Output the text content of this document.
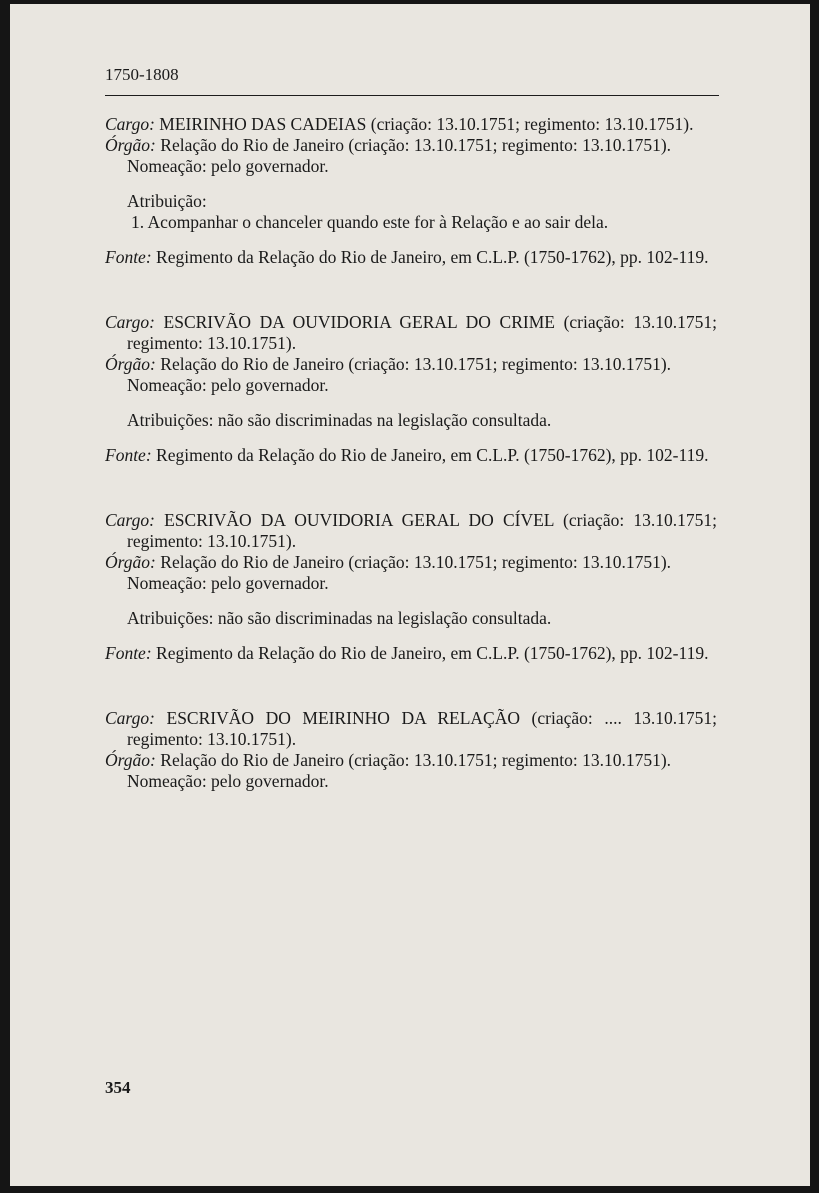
1750-1808
Cargo: MEIRINHO DAS CADEIAS (criação: 13.10.1751; regimento: 13.10.1751).
Órgão: Relação do Rio de Janeiro (criação: 13.10.1751; regimento: 13.10.1751).
Nomeação: pelo governador.
Atribuição:
1. Acompanhar o chanceler quando este for à Relação e ao sair dela.
Fonte: Regimento da Relação do Rio de Janeiro, em C.L.P. (1750-1762), pp. 102-119.
Cargo: ESCRIVÃO DA OUVIDORIA GERAL DO CRIME (criação: 13.10.1751; regimento: 13.10.1751).
Órgão: Relação do Rio de Janeiro (criação: 13.10.1751; regimento: 13.10.1751).
Nomeação: pelo governador.
Atribuições: não são discriminadas na legislação consultada.
Fonte: Regimento da Relação do Rio de Janeiro, em C.L.P. (1750-1762), pp. 102-119.
Cargo: ESCRIVÃO DA OUVIDORIA GERAL DO CÍVEL (criação: 13.10.1751; regimento: 13.10.1751).
Órgão: Relação do Rio de Janeiro (criação: 13.10.1751; regimento: 13.10.1751).
Nomeação: pelo governador.
Atribuições: não são discriminadas na legislação consultada.
Fonte: Regimento da Relação do Rio de Janeiro, em C.L.P. (1750-1762), pp. 102-119.
Cargo: ESCRIVÃO DO MEIRINHO DA RELAÇÃO (criação: .... 13.10.1751; regimento: 13.10.1751).
Órgão: Relação do Rio de Janeiro (criação: 13.10.1751; regimento: 13.10.1751).
Nomeação: pelo governador.
354
